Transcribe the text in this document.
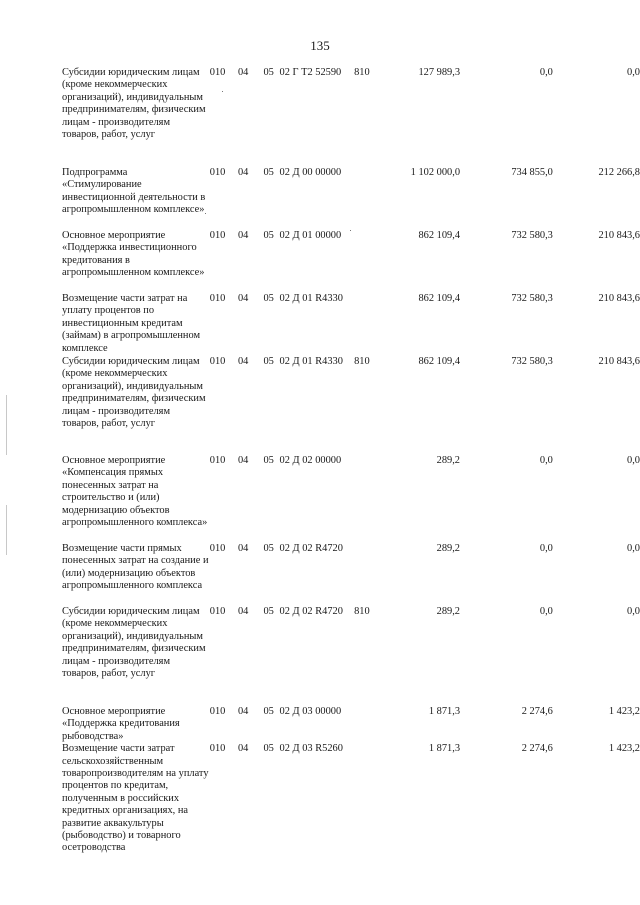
135
Субсидии юридическим лицам (кроме некоммерческих организаций), индивидуальным предпринимателям, физическим лицам - производителям товаров, работ, услуг	010		04		05	02 Г Т2 52590	810	127 989,3	0,0	0,0
Подпрограмма «Стимулирование инвестиционной деятельности в агропромышленном комплексе»	010		04		05	02 Д 00 00000		1 102 000,0	734 855,0	212 266,8
Основное мероприятие «Поддержка инвестиционного кредитования в агропромышленном комплексе»	010		04		05	02 Д 01 00000		862 109,4	732 580,3	210 843,6
Возмещение части затрат на уплату процентов по инвестиционным кредитам (займам) в агропромышленном комплексе	010		04		05	02 Д 01 R4330		862 109,4	732 580,3	210 843,6
Субсидии юридическим лицам (кроме некоммерческих организаций), индивидуальным предпринимателям, физическим лицам - производителям товаров, работ, услуг	010		04		05	02 Д 01 R4330	810	862 109,4	732 580,3	210 843,6
Основное мероприятие «Компенсация прямых понесенных затрат на строительство и (или) модернизацию объектов агропромышленного комплекса»	010		04		05	02 Д 02 00000		289,2	0,0	0,0
Возмещение части прямых понесенных затрат на создание и (или) модернизацию объектов агропромышленного комплекса	010		04		05	02 Д 02 R4720		289,2	0,0	0,0
Субсидии юридическим лицам (кроме некоммерческих организаций), индивидуальным предпринимателям, физическим лицам - производителям товаров, работ, услуг	010		04		05	02 Д 02 R4720	810	289,2	0,0	0,0
Основное мероприятие «Поддержка кредитования рыбоводства»	010		04		05	02 Д 03 00000		1 871,3	2 274,6	1 423,2
Возмещение части затрат сельскохозяйственным товаропроизводителям на уплату процентов по кредитам, полученным в российских кредитных организациях, на развитие аквакультуры (рыбоводство) и товарного осетроводства	010		04		05	02 Д 03 R5260		1 871,3	2 274,6	1 423,2
